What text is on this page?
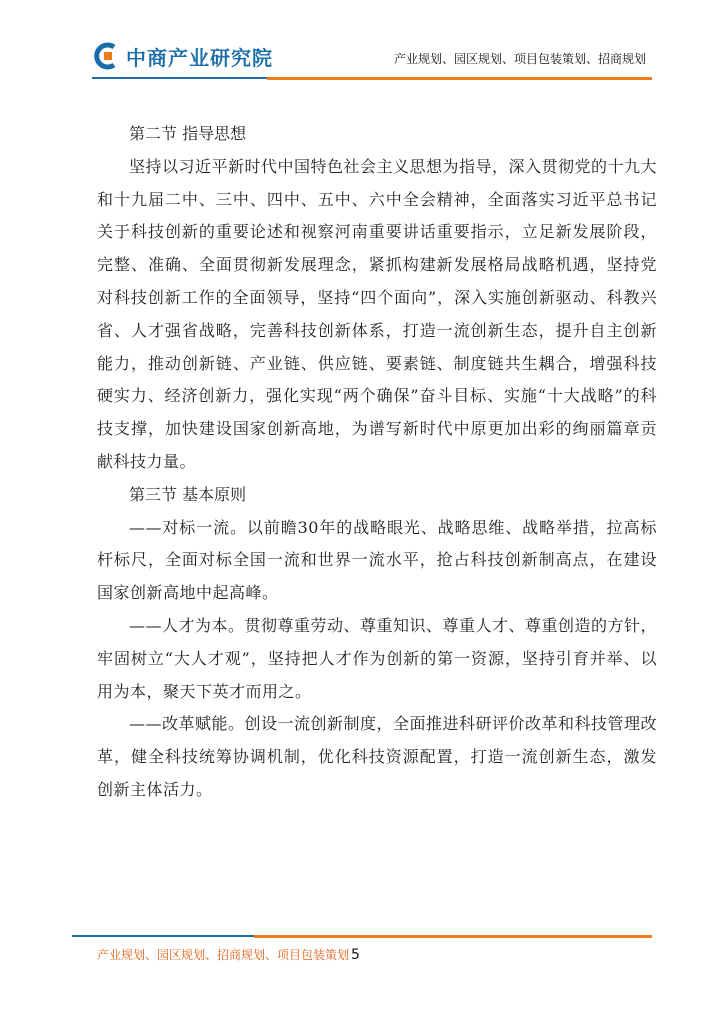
中商产业研究院	产业规划、园区规划、项目包装策划、招商规划

第二节 指导思想

坚持以习近平新时代中国特色社会主义思想为指导，深入贯彻党的十九大和十九届二中、三中、四中、五中、六中全会精神，全面落实习近平总书记关于科技创新的重要论述和视察河南重要讲话重要指示，立足新发展阶段，完整、准确、全面贯彻新发展理念，紧抓构建新发展格局战略机遇，坚持党对科技创新工作的全面领导，坚持“四个面向”，深入实施创新驱动、科教兴省、人才强省战略，完善科技创新体系，打造一流创新生态，提升自主创新能力，推动创新链、产业链、供应链、要素链、制度链共生耦合，增强科技硬实力、经济创新力，强化实现“两个确保”奋斗目标、实施“十大战略”的科技支撑，加快建设国家创新高地，为谱写新时代中原更加出彩的绚丽篇章贡献科技力量。

第三节 基本原则

——对标一流。以前瞻30年的战略眼光、战略思维、战略举措，拉高标杆标尺，全面对标全国一流和世界一流水平，抢占科技创新制高点，在建设国家创新高地中起高峰。

——人才为本。贯彻尊重劳动、尊重知识、尊重人才、尊重创造的方针，牢固树立“大人才观”，坚持把人才作为创新的第一资源，坚持引育并举、以用为本，聚天下英才而用之。

——改革赋能。创设一流创新制度，全面推进科研评价改革和科技管理改革，健全科技统筹协调机制，优化科技资源配置，打造一流创新生态，激发创新主体活力。

产业规划、园区规划、招商规划、项目包装策划 5
